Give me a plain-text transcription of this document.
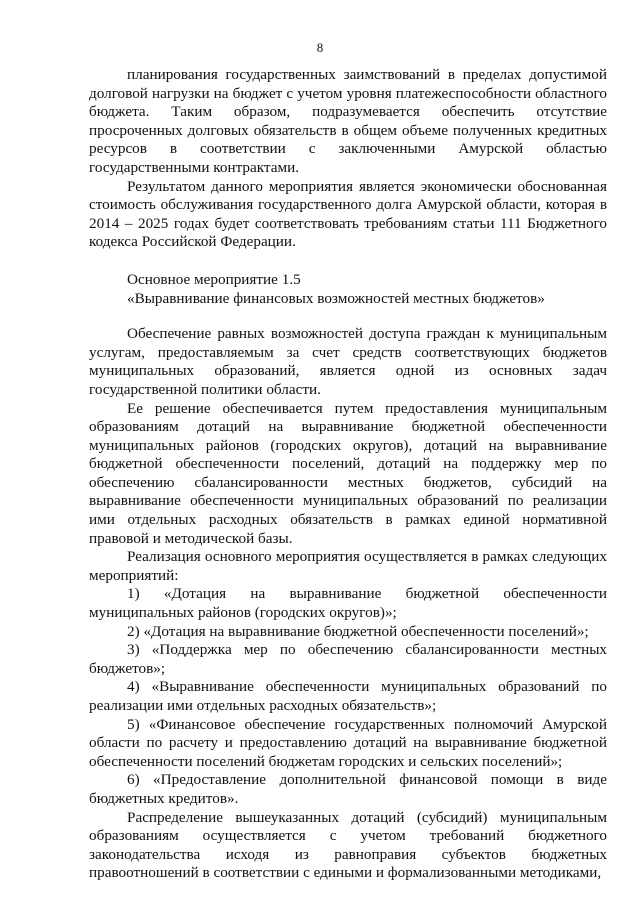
8

планирования государственных заимствований в пределах допустимой долговой нагрузки на бюджет с учетом уровня платежеспособности областного бюджета. Таким образом, подразумевается обеспечить отсутствие просроченных долговых обязательств в общем объеме полученных кредитных ресурсов в соответствии с заключенными Амурской областью государственными контрактами.

Результатом данного мероприятия является экономически обоснованная стоимость обслуживания государственного долга Амурской области, которая в 2014 – 2025 годах будет соответствовать требованиям статьи 111 Бюджетного кодекса Российской Федерации.

Основное мероприятие 1.5

«Выравнивание финансовых возможностей местных бюджетов»

Обеспечение равных возможностей доступа граждан к муниципальным услугам, предоставляемым за счет средств соответствующих бюджетов муниципальных образований, является одной из основных задач государственной политики области.

Ее решение обеспечивается путем предоставления муниципальным образованиям дотаций на выравнивание бюджетной обеспеченности муниципальных районов (городских округов), дотаций на выравнивание бюджетной обеспеченности поселений, дотаций на поддержку мер по обеспечению сбалансированности местных бюджетов, субсидий на выравнивание обеспеченности муниципальных образований по реализации ими отдельных расходных обязательств в рамках единой нормативной правовой и методической базы.

Реализация основного мероприятия осуществляется в рамках следующих мероприятий:

1) «Дотация на выравнивание бюджетной обеспеченности муниципальных районов (городских округов)»;

2) «Дотация на выравнивание бюджетной обеспеченности поселений»;

3) «Поддержка мер по обеспечению сбалансированности местных бюджетов»;

4) «Выравнивание обеспеченности муниципальных образований по реализации ими отдельных расходных обязательств»;

5) «Финансовое обеспечение государственных полномочий Амурской области по расчету и предоставлению дотаций на выравнивание бюджетной обеспеченности поселений бюджетам городских и сельских поселений»;

6) «Предоставление дополнительной финансовой помощи в виде бюджетных кредитов».

Распределение вышеуказанных дотаций (субсидий) муниципальным образованиям осуществляется с учетом требований бюджетного законодательства исходя из равноправия субъектов бюджетных правоотношений в соответствии с едиными и формализованными методиками,
